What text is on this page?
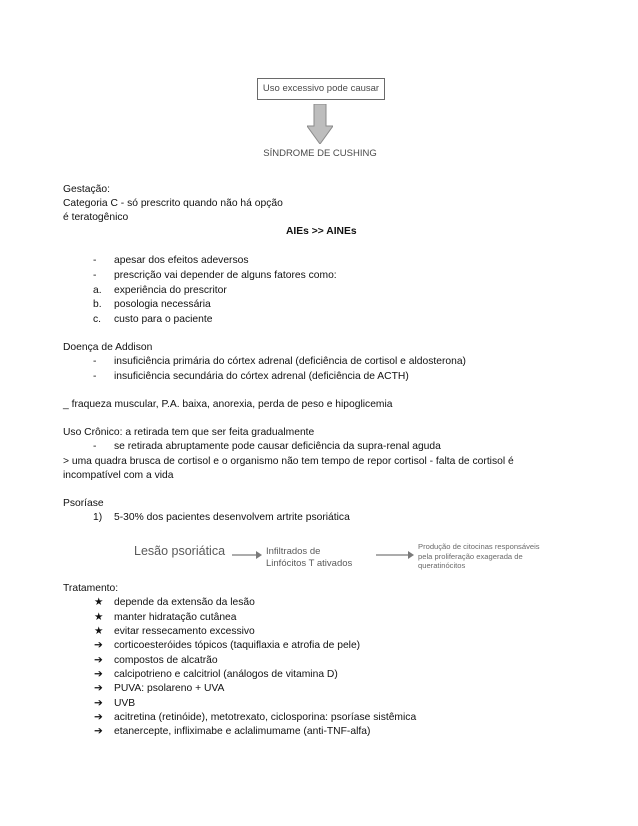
Uso excessivo pode causar
SÍNDROME DE CUSHING
Gestação:
Categoria C - só prescrito quando não há opção
é teratogênico
AIEs >> AINEs
- apesar dos efeitos adeversos
- prescrição vai depender de alguns fatores como:
a. experiência do prescritor
b. posologia necessária
c. custo para o paciente
Doença de Addison
- insuficiência primária do córtex adrenal (deficiência de cortisol e aldosterona)
- insuficiência secundária do córtex adrenal (deficiência de ACTH)
_ fraqueza muscular, P.A. baixa, anorexia, perda de peso e hipoglicemia
Uso Crônico: a retirada tem que ser feita gradualmente
- se retirada abruptamente pode causar deficiência da supra-renal aguda
> uma quadra brusca de cortisol e o organismo não tem tempo de repor cortisol - falta de cortisol é
incompatível com a vida
Psoríase
1) 5-30% dos pacientes desenvolvem artrite psoriática
Lesão psoriática	Infiltrados de
Linfócitos T ativados
Produção de citocinas responsáveis
pela proliferação exagerada de
queratinócitos
Tratamento:
★ depende da extensão da lesão
★ manter hidratação cutânea
★ evitar ressecamento excessivo
➔ corticoesteróides tópicos (taquiflaxia e atrofia de pele)
➔ compostos de alcatrão
➔ calcipotrieno e calcitriol (análogos de vitamina D)
➔ PUVA: psolareno + UVA
➔ UVB
➔ acitretina (retinóide), metotrexato, ciclosporina: psoríase sistêmica
➔ etanercepte, infliximabe e aclalimumame (anti-TNF-alfa)
